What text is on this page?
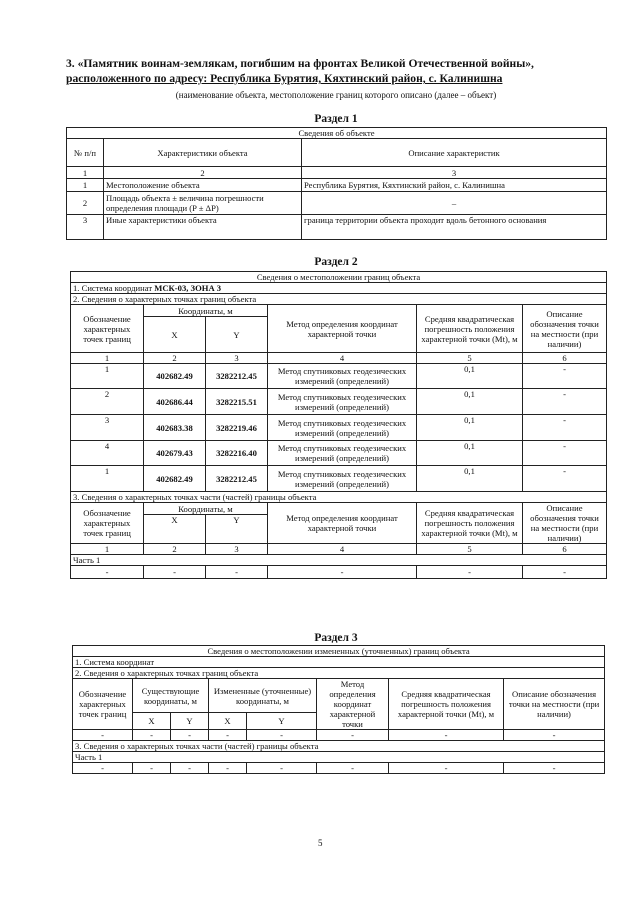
3. «Памятник воинам-землякам, погибшим на фронтах Великой Отечественной войны»,
расположенного по адресу: Республика Бурятия, Кяхтинский район, с. Калинишна
(наименование объекта, местоположение границ которого описано (далее – объект)
Раздел 1
Сведения об объекте		
№ п/п	Характеристики объекта	Описание характеристик
1	2	3
1	Местоположение объекта	Республика Бурятия, Кяхтинский район, с. Калинишна
2	Площадь объекта ± величина погрешности определения площади (P ± ΔP)	–
3	Иные характеристики объекта	граница территории объекта проходит вдоль бетонного основания
Раздел 2
Сведения о местоположении границ объекта					
1. Система координат МСК-03, ЗОНА 3					
2. Сведения о характерных точках границ объекта					
Обозначение характерных точек границ	Координаты, м		Метод определения координат характерной точки	Средняя квадратическая погрешность положения характерной точки (Mt), м	Описание обозначения точки на местности (при наличии)
	X	Y			
1	2	3	4	5	6
1	402682.49	3282212.45	Метод спутниковых геодезических измерений (определений)	0,1	-
2	402686.44	3282215.51	Метод спутниковых геодезических измерений (определений)	0,1	-
3	402683.38	3282219.46	Метод спутниковых геодезических измерений (определений)	0,1	-
4	402679.43	3282216.40	Метод спутниковых геодезических измерений (определений)	0,1	-
1	402682.49	3282212.45	Метод спутниковых геодезических измерений (определений)	0,1	-
3. Сведения о характерных точках части (частей) границы объекта					
Обозначение характерных точек границ	Координаты, м		Метод определения координат характерной точки	Средняя квадратическая погрешность положения характерной точки (Mt), м	Описание обозначения точки на местности (при наличии)
	X	Y			
1	2	3	4	5	6
Часть 1					
-	-	-	-	-	-
Раздел 3
Сведения о местоположении измененных (уточненных) границ объекта							
1. Система координат							
2. Сведения о характерных точках границ объекта							
Обозначение характерных точек границ	Существующие координаты, м		Измененные (уточненные) координаты, м		Метод определения координат характерной точки	Средняя квадратическая погрешность положения характерной точки (Mt), м	Описание обозначения точки на местности (при наличии)
	X	Y	X	Y			
-	-	-	-	-	-	-	-
3. Сведения о характерных точках части (частей) границы объекта							
Часть 1							
-	-	-	-	-	-	-	-
5
